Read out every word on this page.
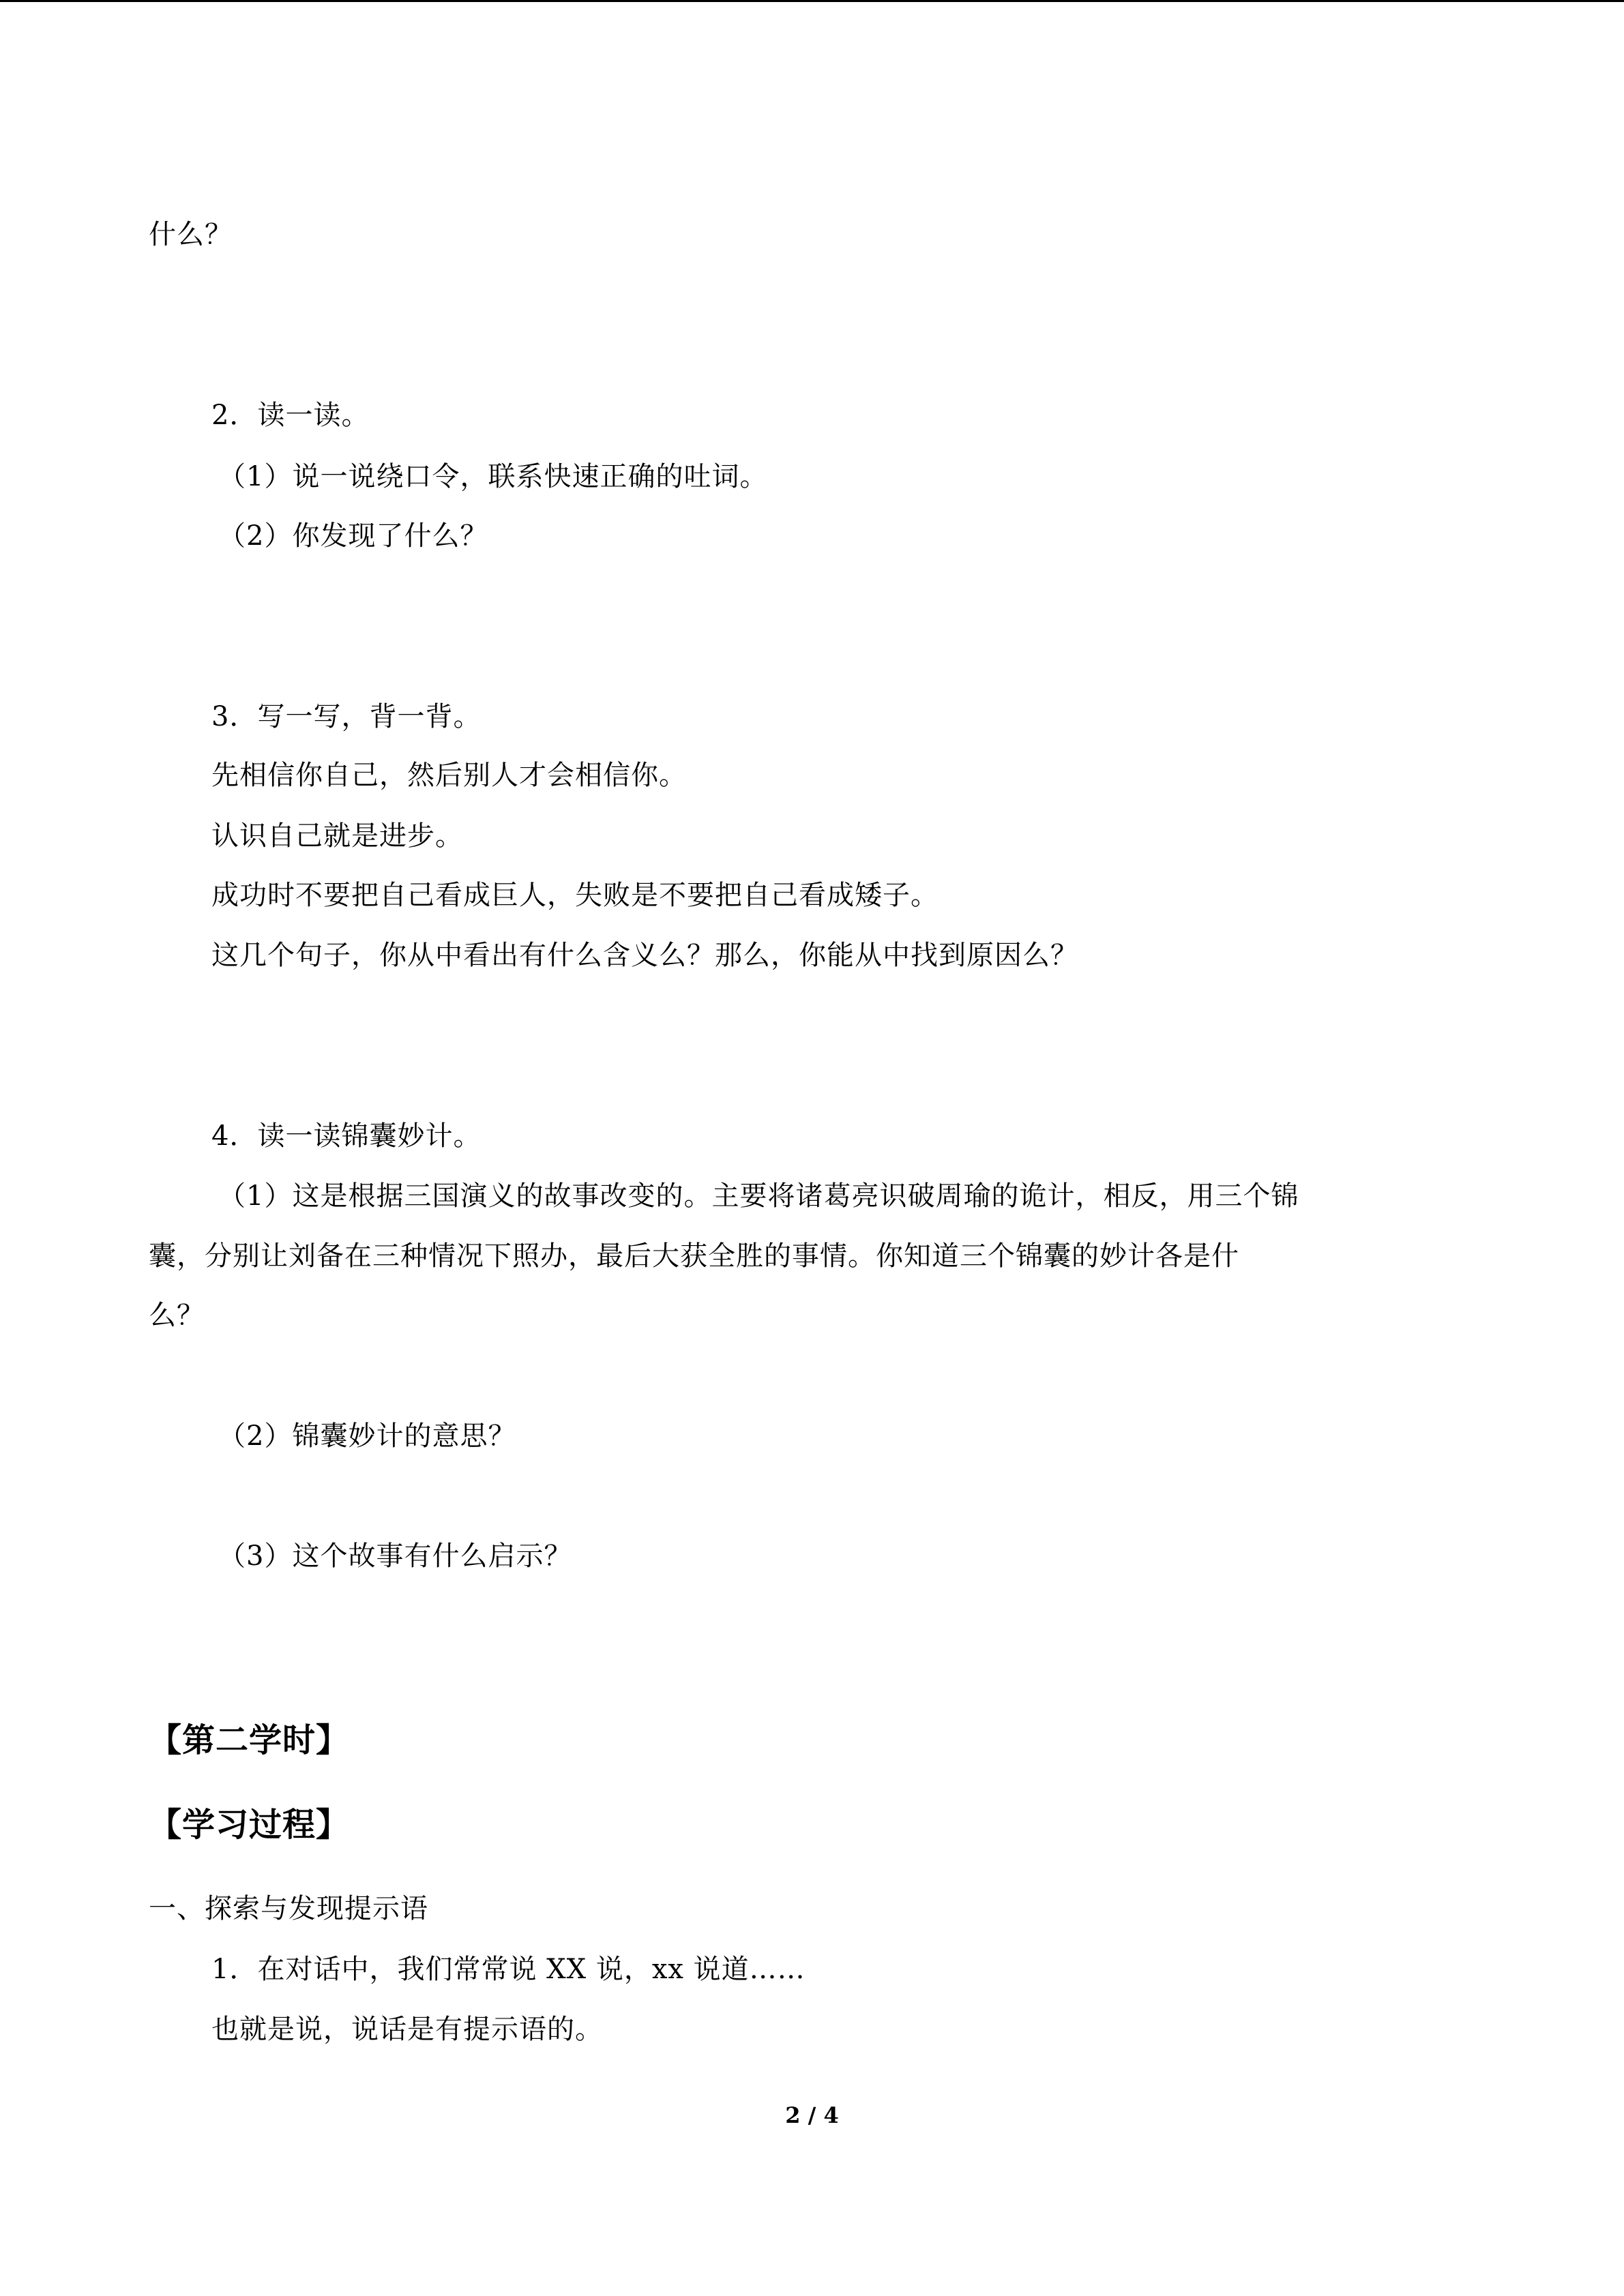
什么？
2．读一读。
（1）说一说绕口令，联系快速正确的吐词。
（2）你发现了什么？
3．写一写，背一背。
先相信你自己，然后别人才会相信你。
认识自己就是进步。
成功时不要把自己看成巨人，失败是不要把自己看成矮子。
这几个句子，你从中看出有什么含义么？那么，你能从中找到原因么？
4．读一读锦囊妙计。
（1）这是根据三国演义的故事改变的。主要将诸葛亮识破周瑜的诡计，相反，用三个锦
囊，分别让刘备在三种情况下照办，最后大获全胜的事情。你知道三个锦囊的妙计各是什
么？
（2）锦囊妙计的意思？
（3）这个故事有什么启示？
【第二学时】
【学习过程】
一、探索与发现提示语
1．在对话中，我们常常说 XX 说，xx 说道……
也就是说，说话是有提示语的。
2 / 4
